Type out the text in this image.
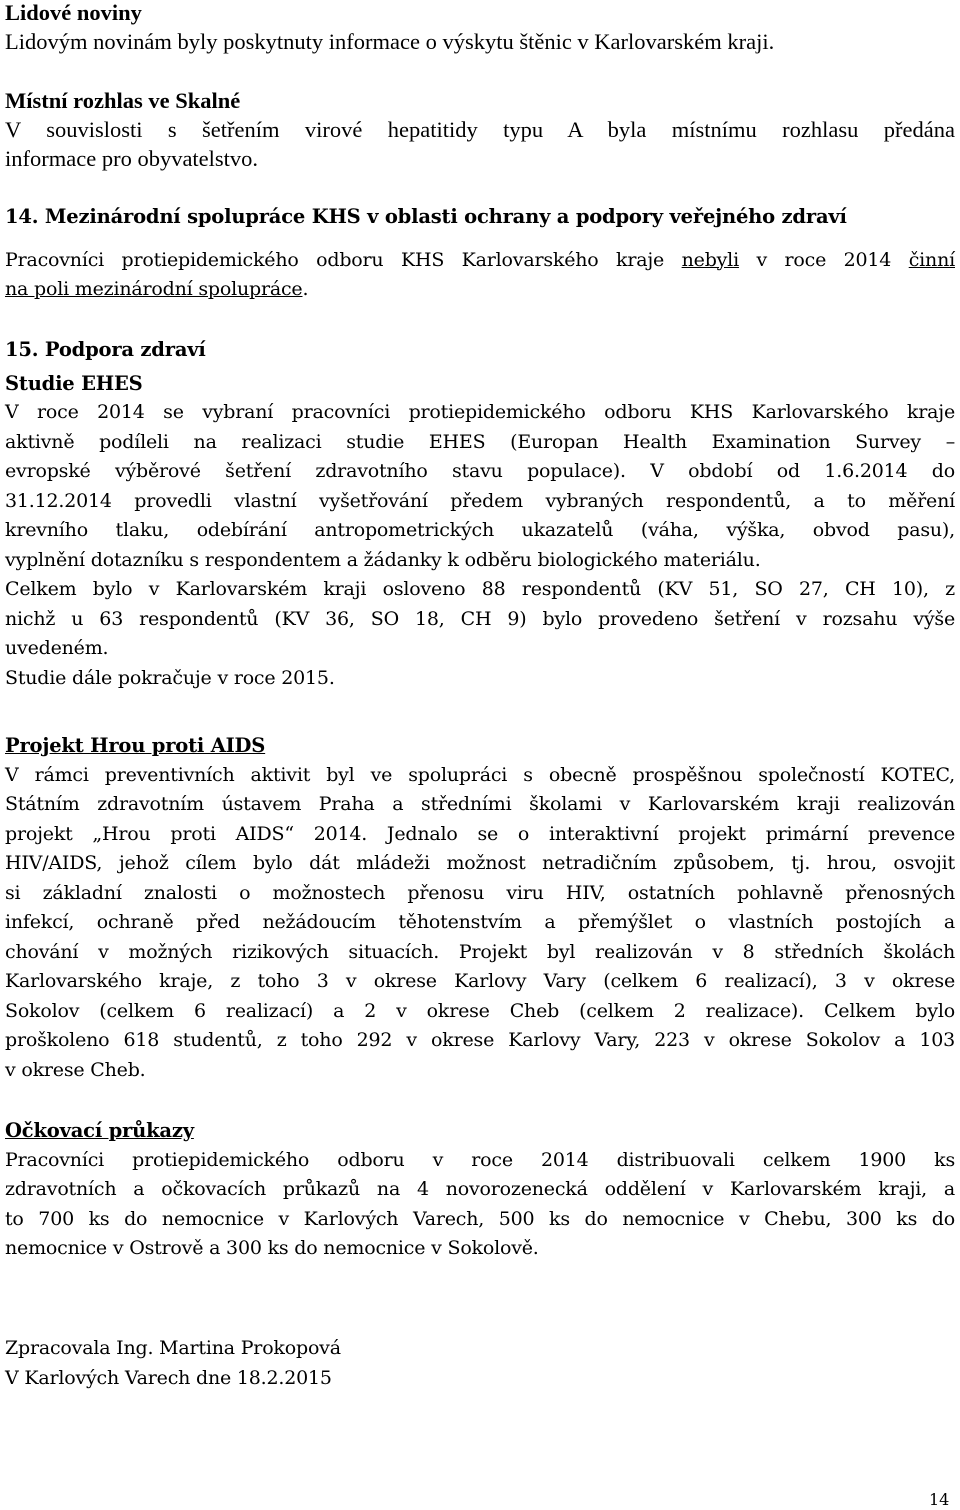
Lidové noviny
Lidovým novinám byly poskytnuty informace o výskytu štěnic v Karlovarském kraji.
Místní rozhlas ve Skalné
V souvislosti s šetřením virové hepatitidy typu A byla místnímu rozhlasu předána
informace pro obyvatelstvo.
14. Mezinárodní spolupráce KHS v oblasti ochrany a podpory veřejného zdraví
Pracovníci protiepidemického odboru KHS Karlovarského kraje nebyli v roce 2014 činní
na poli mezinárodní spolupráce.
15. Podpora zdraví
Studie EHES
V roce 2014 se vybraní pracovníci protiepidemického odboru KHS Karlovarského kraje
aktivně podíleli na realizaci studie EHES (Europan Health Examination Survey –
evropské výběrové šetření zdravotního stavu populace). V období od 1.6.2014 do
31.12.2014 provedli vlastní vyšetřování předem vybraných respondentů, a to měření
krevního tlaku, odebírání antropometrických ukazatelů (váha, výška, obvod pasu),
vyplnění dotazníku s respondentem a žádanky k odběru biologického materiálu.
Celkem bylo v Karlovarském kraji osloveno 88 respondentů (KV 51, SO 27, CH 10), z
nichž u 63 respondentů (KV 36, SO 18, CH 9) bylo provedeno šetření v rozsahu výše
uvedeném.
Studie dále pokračuje v roce 2015.
Projekt Hrou proti AIDS
V rámci preventivních aktivit byl ve spolupráci s obecně prospěšnou společností KOTEC,
Státním zdravotním ústavem Praha a středními školami v Karlovarském kraji realizován
projekt „Hrou proti AIDS“ 2014. Jednalo se o interaktivní projekt primární prevence
HIV/AIDS, jehož cílem bylo dát mládeži možnost netradičním způsobem, tj. hrou, osvojit
si základní znalosti o možnostech přenosu viru HIV, ostatních pohlavně přenosných
infekcí, ochraně před nežádoucím těhotenstvím a přemýšlet o vlastních postojích a
chování v možných rizikových situacích. Projekt byl realizován v 8 středních školách
Karlovarského kraje, z toho 3 v okrese Karlovy Vary (celkem 6 realizací), 3 v okrese
Sokolov (celkem 6 realizací) a 2 v okrese Cheb (celkem 2 realizace). Celkem bylo
proškoleno 618 studentů, z toho 292 v okrese Karlovy Vary, 223 v okrese Sokolov a 103
v okrese Cheb.
Očkovací průkazy
Pracovníci protiepidemického odboru v roce 2014 distribuovali celkem 1900 ks
zdravotních a očkovacích průkazů na 4 novorozenecká oddělení v Karlovarském kraji, a
to 700 ks do nemocnice v Karlových Varech, 500 ks do nemocnice v Chebu, 300 ks do
nemocnice v Ostrově a 300 ks do nemocnice v Sokolově.
Zpracovala Ing. Martina Prokopová
V Karlových Varech dne 18.2.2015
14
